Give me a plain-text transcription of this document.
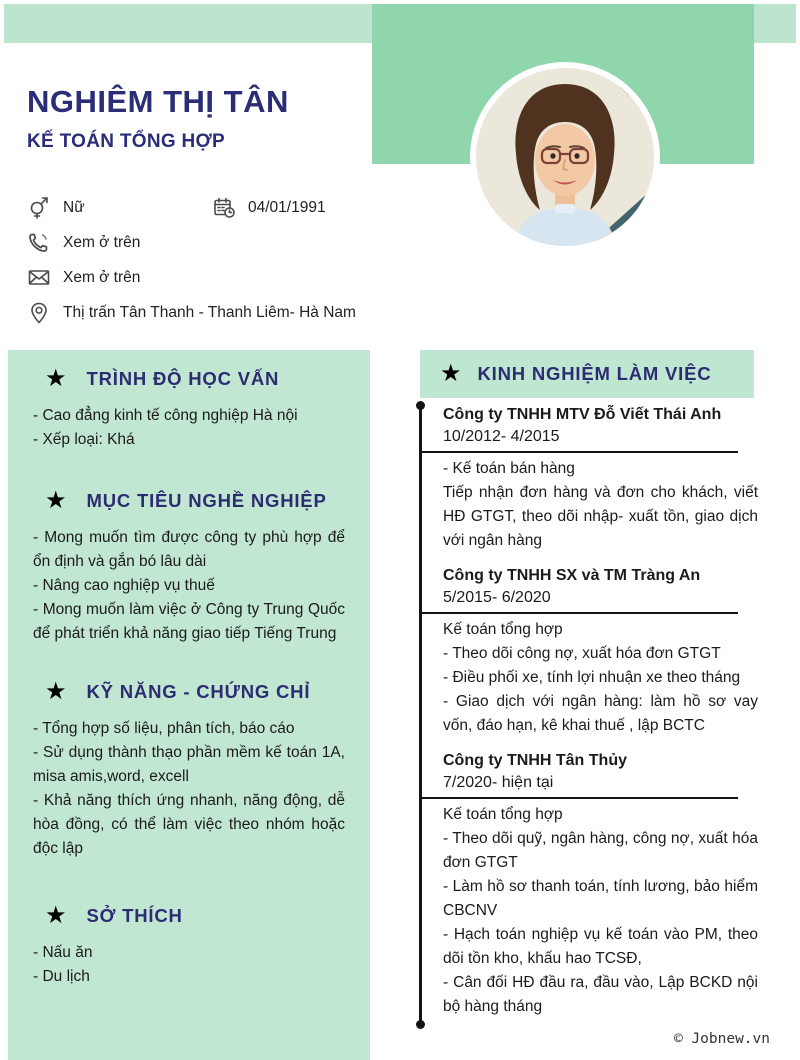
NGHIÊM THỊ TÂN
KẾ TOÁN TỔNG HỢP
Nữ	04/01/1991
Xem ở trên
Xem ở trên
Thị trấn Tân Thanh - Thanh Liêm- Hà Nam
★ TRÌNH ĐỘ HỌC VẤN
- Cao đẳng kinh tế công nghiệp Hà nội
- Xếp loại: Khá
★ MỤC TIÊU NGHỀ NGHIỆP
- Mong muốn tìm được công ty phù hợp để ổn định và gắn bó lâu dài
- Nâng cao nghiệp vụ thuế
- Mong muốn làm việc ở Công ty Trung Quốc để phát triển khả năng giao tiếp Tiếng Trung
★ KỸ NĂNG - CHỨNG CHỈ
- Tổng hợp số liệu, phân tích, báo cáo
- Sử dụng thành thạo phần mềm kế toán 1A, misa amis,word, excell
- Khả năng thích ứng nhanh, năng động, dễ hòa đồng, có thể làm việc theo nhóm hoặc độc lập
★ SỞ THÍCH
- Nấu ăn
- Du lịch
★ KINH NGHIỆM LÀM VIỆC
Công ty TNHH MTV Đỗ Viết Thái Anh
10/2012- 4/2015
- Kế toán bán hàng
Tiếp nhận đơn hàng và đơn cho khách, viết HĐ GTGT, theo dõi nhập- xuất tồn, giao dịch với ngân hàng
Công ty TNHH SX và TM Tràng An
5/2015- 6/2020
Kế toán tổng hợp
- Theo dõi công nợ, xuất hóa đơn GTGT
- Điều phối xe, tính lợi nhuận xe theo tháng
- Giao dịch với ngân hàng: làm hồ sơ vay vốn, đáo hạn, kê khai thuế , lập BCTC
Công ty TNHH Tân Thủy
7/2020- hiện tại
Kế toán tổng hợp
- Theo dõi quỹ, ngân hàng, công nợ, xuất hóa đơn GTGT
- Làm hồ sơ thanh toán, tính lương, bảo hiểm CBCNV
- Hạch toán nghiệp vụ kế toán vào PM, theo dõi tồn kho, khấu hao TCSĐ,
- Cân đối HĐ đầu ra, đầu vào, Lập BCKD nội bộ hàng tháng
© Jobnew.vn
